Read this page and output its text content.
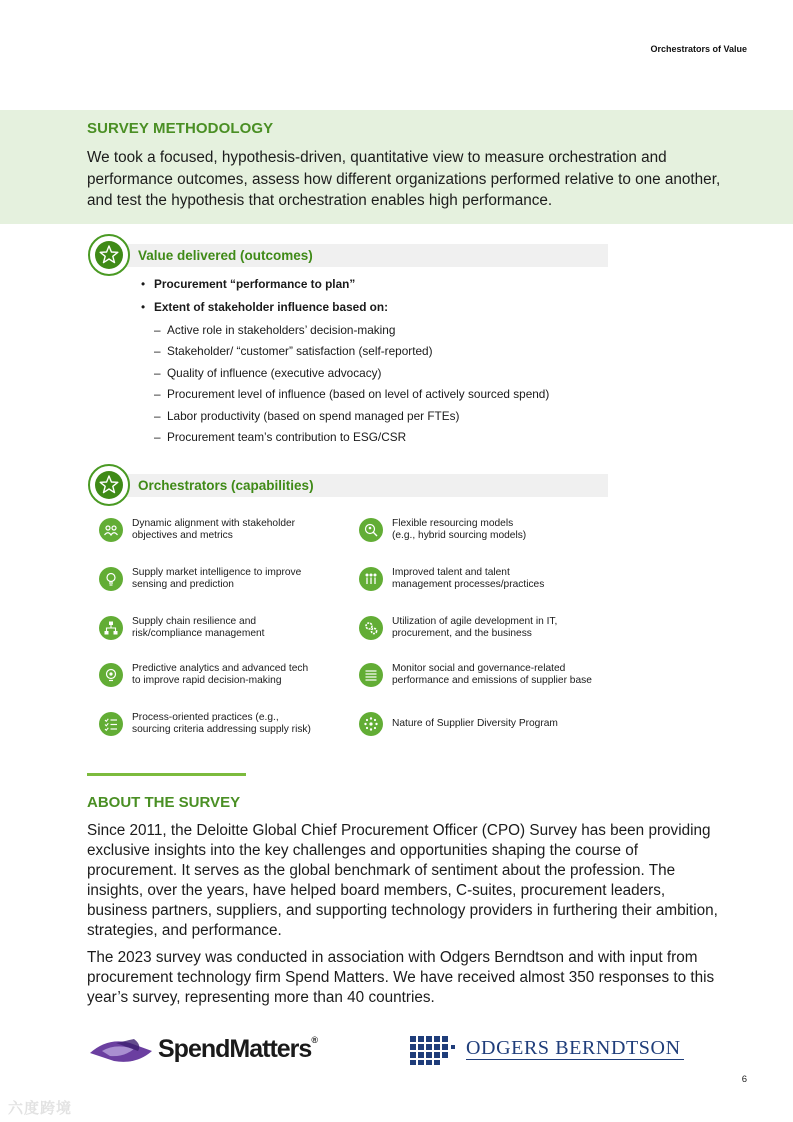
Orchestrators of Value
SURVEY METHODOLOGY
We took a focused, hypothesis-driven, quantitative view to measure orchestration and performance outcomes, assess how different organizations performed relative to one another, and test the hypothesis that orchestration enables high performance.
Value delivered (outcomes)
• Procurement “performance to plan”
• Extent of stakeholder influence based on:
– Active role in stakeholders’ decision-making
– Stakeholder/ “customer” satisfaction (self-reported)
– Quality of influence (executive advocacy)
– Procurement level of influence (based on level of actively sourced spend)
– Labor productivity (based on spend managed per FTEs)
– Procurement team’s contribution to ESG/CSR
Orchestrators (capabilities)
Dynamic alignment with stakeholder
objectives and metrics
Flexible resourcing models
(e.g., hybrid sourcing models)
Supply market intelligence to improve
sensing and prediction
Improved talent and talent
management processes/practices
Supply chain resilience and
risk/compliance management
Utilization of agile development in IT,
procurement, and the business
Predictive analytics and advanced tech
to improve rapid decision-making
Monitor social and governance-related
performance and emissions of supplier base
Process-oriented practices (e.g.,
sourcing criteria addressing supply risk)
Nature of Supplier Diversity Program
ABOUT THE SURVEY
Since 2011, the Deloitte Global Chief Procurement Officer (CPO) Survey has been providing exclusive insights into the key challenges and opportunities shaping the course of procurement. It serves as the global benchmark of sentiment about the profession. The insights, over the years, have helped board members, C-suites, procurement leaders, business partners, suppliers, and supporting technology providers in furthering their ambition, strategies, and performance.
The 2023 survey was conducted in association with Odgers Berndtson and with input from procurement technology firm Spend Matters. We have received almost 350 responses to this year’s survey, representing more than 40 countries.
SpendMatters®	ODGERS BERNDTSON
6
六度跨境
